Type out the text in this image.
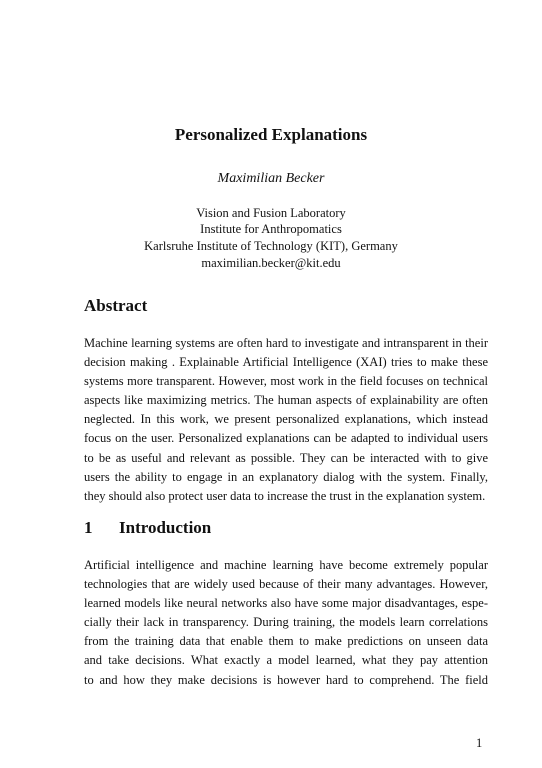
Personalized Explanations
Maximilian Becker
Vision and Fusion Laboratory
Institute for Anthropomatics
Karlsruhe Institute of Technology (KIT), Germany
maximilian.becker@kit.edu
Abstract
Machine learning systems are often hard to investigate and intransparent in their
decision making . Explainable Artificial Intelligence (XAI) tries to make these
systems more transparent. However, most work in the field focuses on technical
aspects like maximizing metrics. The human aspects of explainability are often
neglected. In this work, we present personalized explanations, which instead
focus on the user. Personalized explanations can be adapted to individual users
to be as useful and relevant as possible. They can be interacted with to give
users the ability to engage in an explanatory dialog with the system. Finally,
they should also protect user data to increase the trust in the explanation system.
1 Introduction
Artificial intelligence and machine learning have become extremely popular
technologies that are widely used because of their many advantages. However,
learned models like neural networks also have some major disadvantages, espe-
cially their lack in transparency. During training, the models learn correlations
from the training data that enable them to make predictions on unseen data
and take decisions. What exactly a model learned, what they pay attention
to and how they make decisions is however hard to comprehend. The field
1
